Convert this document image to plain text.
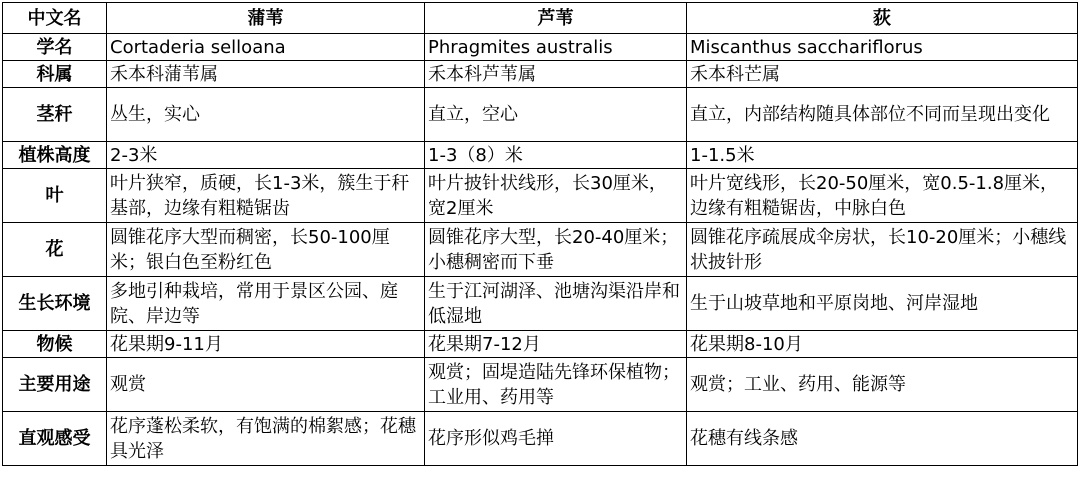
中文名	蒲苇	芦苇	荻
学名	Cortaderia selloana	Phragmites australis	Miscanthus sacchariflorus
科属	禾本科蒲苇属	禾本科芦苇属	禾本科芒属
茎秆	丛生，实心	直立，空心	直立，内部结构随具体部位不同而呈现出变化
植株高度	2-3米	1-3（8）米	1-1.5米
叶	叶片狭窄，质硬，长1-3米，簇生于秆基部，边缘有粗糙锯齿	叶片披针状线形，长30厘米，宽2厘米	叶片宽线形，长20-50厘米，宽0.5-1.8厘米，边缘有粗糙锯齿，中脉白色
花	圆锥花序大型而稠密，长50-100厘米；银白色至粉红色	圆锥花序大型，长20-40厘米；小穗稠密而下垂	圆锥花序疏展成伞房状，长10-20厘米；小穗线状披针形
生长环境	多地引种栽培，常用于景区公园、庭院、岸边等	生于江河湖泽、池塘沟渠沿岸和低湿地	生于山坡草地和平原岗地、河岸湿地
物候	花果期9-11月	花果期7-12月	花果期8-10月
主要用途	观赏	观赏；固堤造陆先锋环保植物；工业用、药用等	观赏；工业、药用、能源等
直观感受	花序蓬松柔软，有饱满的棉絮感；花穗具光泽	花序形似鸡毛掸	花穗有线条感
